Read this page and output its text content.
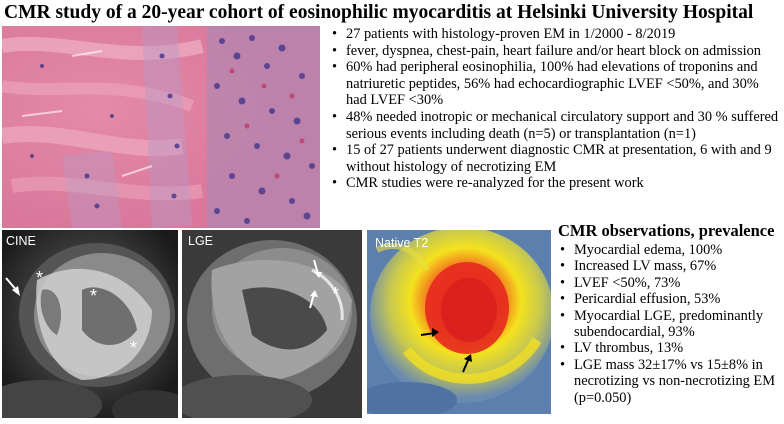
CMR study of a 20-year cohort of eosinophilic myocarditis at Helsinki University Hospital
• 27 patients with histology-proven EM in 1/2000 - 8/2019
• fever, dyspnea, chest-pain, heart failure and/or heart block on admission
• 60% had peripheral eosinophilia, 100% had elevations of troponins and natriuretic peptides, 56% had echocardiographic LVEF <50%, and 30% had LVEF <30%
• 48% needed inotropic or mechanical circulatory support and 30 % suffered serious events including death (n=5) or transplantation (n=1)
• 15 of 27 patients underwent diagnostic CMR at presentation, 6 with and 9 without histology of necrotizing EM
• CMR studies were re-analyzed for the present work
CINE
*
*
*
LGE
*
Native T2
CMR observations, prevalence
• Myocardial edema, 100%
• Increased LV mass, 67%
• LVEF <50%, 73%
• Pericardial effusion, 53%
• Myocardial LGE, predominantly subendocardial, 93%
• LV thrombus, 13%
• LGE mass 32±17% vs 15±8% in necrotizing vs non-necrotizing EM (p=0.050)
